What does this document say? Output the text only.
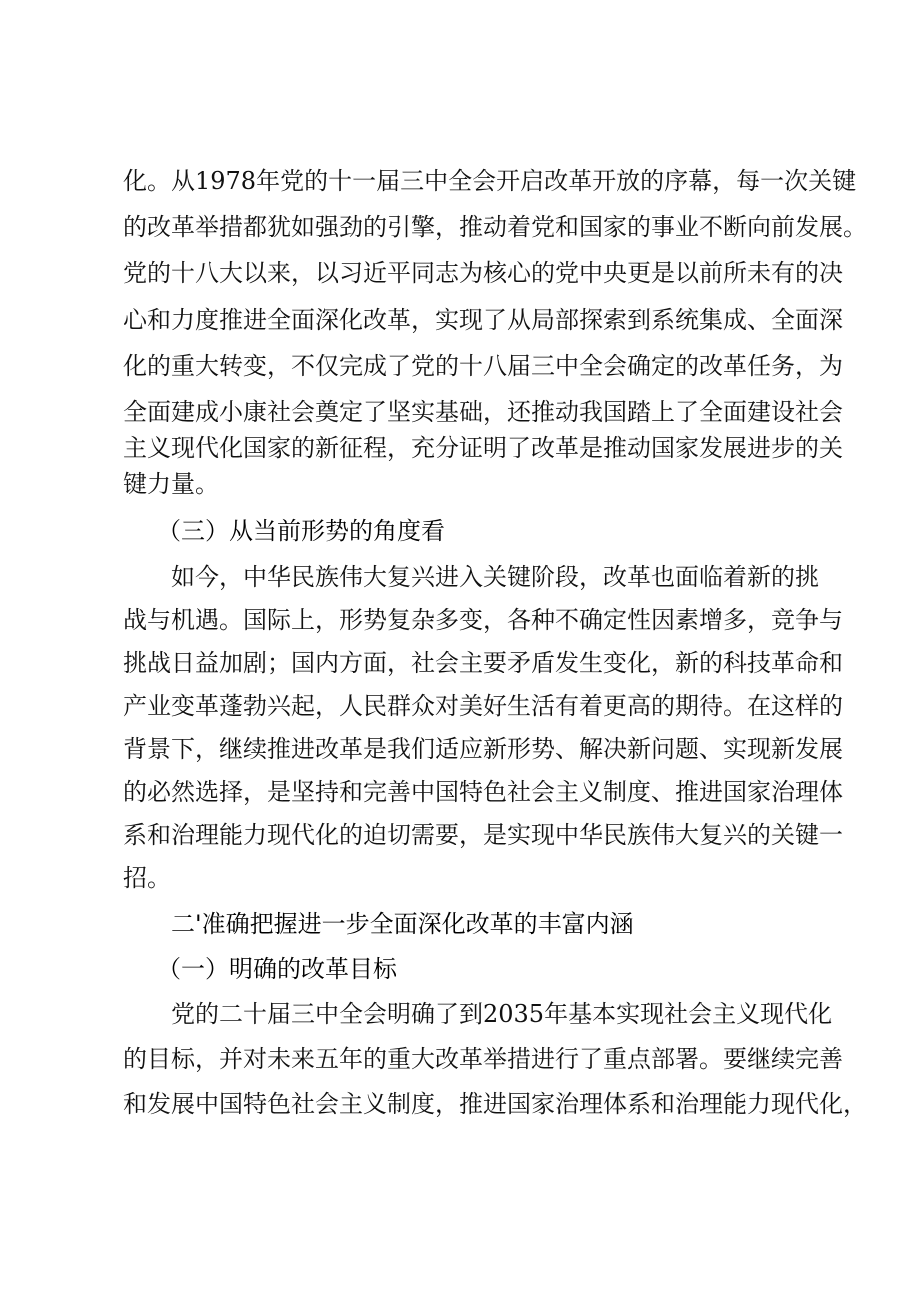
化。从1978年党的十一届三中全会开启改革开放的序幕，每一次关键
的改革举措都犹如强劲的引擎，推动着党和国家的事业不断向前发展。
党的十八大以来，以习近平同志为核心的党中央更是以前所未有的决
心和力度推进全面深化改革，实现了从局部探索到系统集成、全面深
化的重大转变，不仅完成了党的十八届三中全会确定的改革任务，为
全面建成小康社会奠定了坚实基础，还推动我国踏上了全面建设社会
主义现代化国家的新征程，充分证明了改革是推动国家发展进步的关
键力量。
（三）从当前形势的角度看
如今，中华民族伟大复兴进入关键阶段，改革也面临着新的挑
战与机遇。国际上，形势复杂多变，各种不确定性因素增多，竞争与
挑战日益加剧；国内方面，社会主要矛盾发生变化，新的科技革命和
产业变革蓬勃兴起，人民群众对美好生活有着更高的期待。在这样的
背景下，继续推进改革是我们适应新形势、解决新问题、实现新发展
的必然选择，是坚持和完善中国特色社会主义制度、推进国家治理体
系和治理能力现代化的迫切需要，是实现中华民族伟大复兴的关键一
招。
二'准确把握进一步全面深化改革的丰富内涵
（一）明确的改革目标
党的二十届三中全会明确了到2035年基本实现社会主义现代化
的目标，并对未来五年的重大改革举措进行了重点部署。要继续完善
和发展中国特色社会主义制度，推进国家治理体系和治理能力现代化，
